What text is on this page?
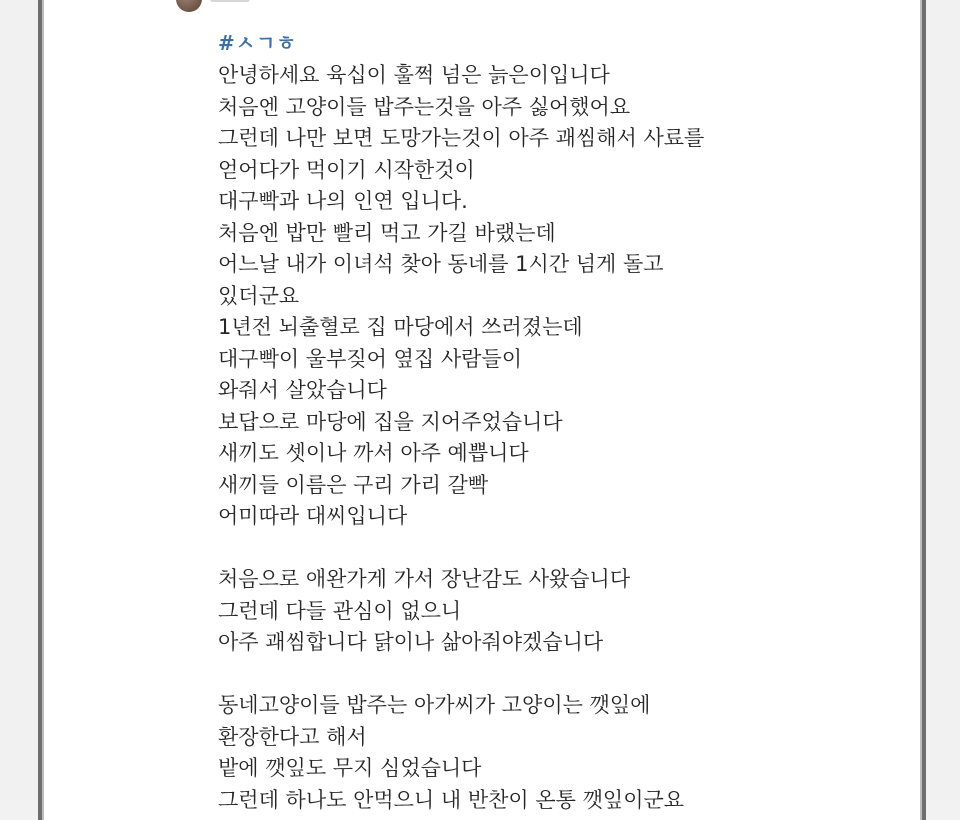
#ㅅㄱㅎ
안녕하세요 육십이 훌쩍 넘은 늙은이입니다
처음엔 고양이들 밥주는것을 아주 싫어했어요
그런데 나만 보면 도망가는것이 아주 괘씸해서 사료를
얻어다가 먹이기 시작한것이
대구빡과 나의 인연 입니다.
처음엔 밥만 빨리 먹고 가길 바랬는데
어느날 내가 이녀석 찾아 동네를 1시간 넘게 돌고
있더군요
1년전 뇌출혈로 집 마당에서 쓰러졌는데
대구빡이 울부짖어 옆집 사람들이
와줘서 살았습니다
보답으로 마당에 집을 지어주었습니다
새끼도 셋이나 까서 아주 예쁩니다
새끼들 이름은 구리 가리 갈빡
어미따라 대씨입니다
처음으로 애완가게 가서 장난감도 사왔습니다
그런데 다들 관심이 없으니
아주 괘씸합니다 닭이나 삶아줘야겠습니다
동네고양이들 밥주는 아가씨가 고양이는 깻잎에
환장한다고 해서
밭에 깻잎도 무지 심었습니다
그런데 하나도 안먹으니 내 반찬이 온통 깻잎이군요
